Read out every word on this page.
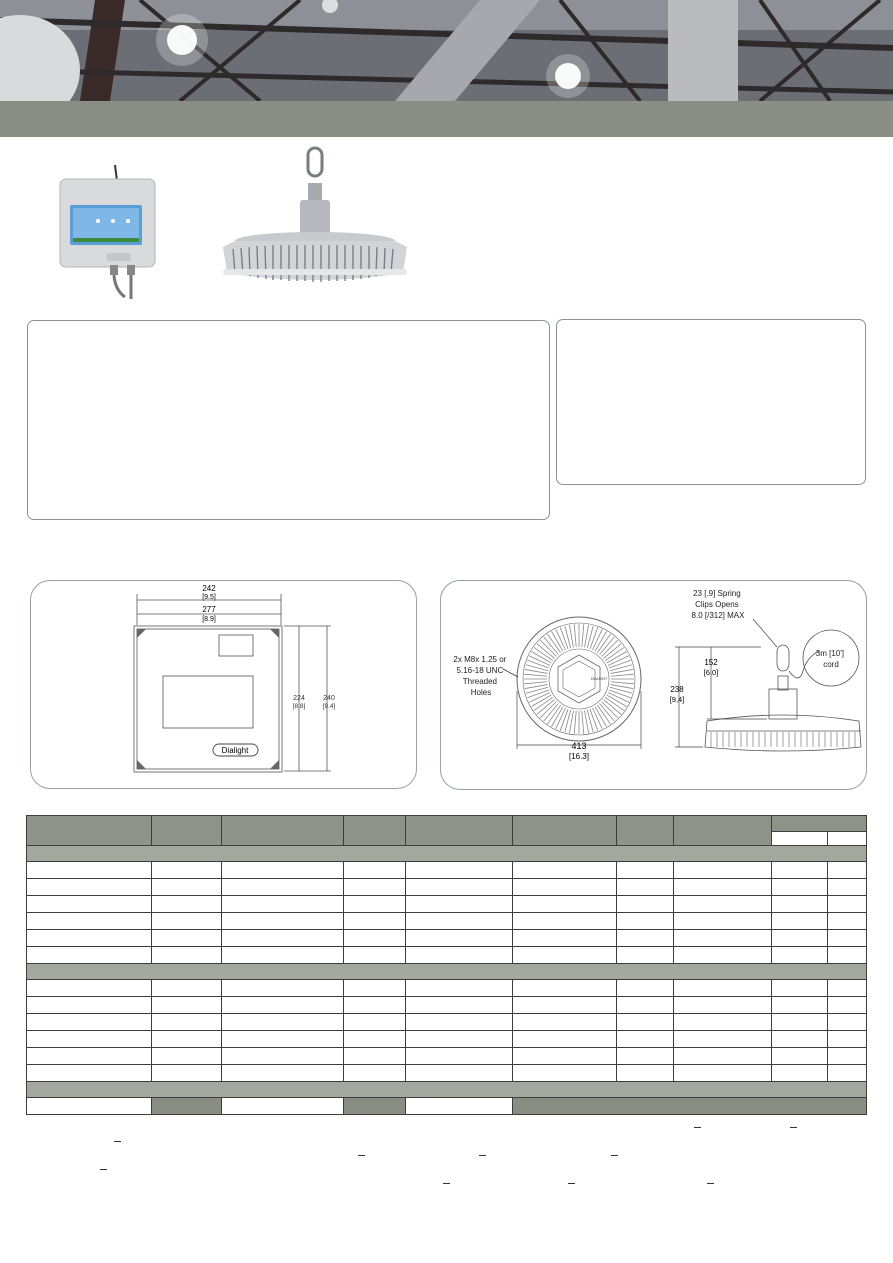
242
[9.5]
277
[8.9]
224
[8.8]
240
[9.4]
Dialight
DIALIGHT
2x M8x 1.25 or 5.16-18 UNC Threaded Holes
413
[16.3]
23 [.9] Spring Clips Opens 8.0 [/312] MAX
3m [10'] cord
238
[9,4]
152
[6.0]
